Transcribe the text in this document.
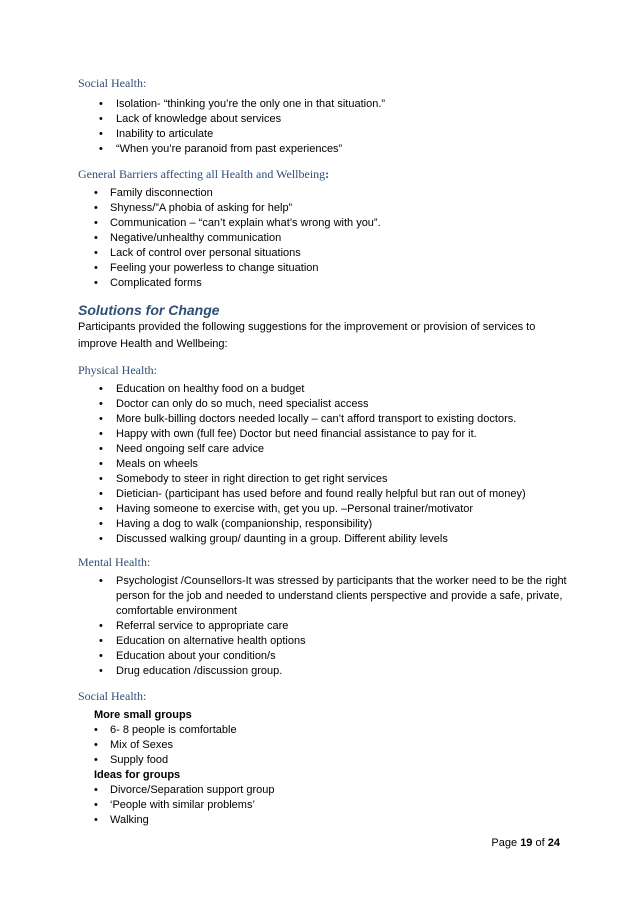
Social Health:

• Isolation- “thinking you’re the only one in that situation.”
• Lack of knowledge about services
• Inability to articulate
• “When you’re paranoid from past experiences”

General Barriers affecting all Health and Wellbeing:

• Family disconnection
• Shyness/”A phobia of asking for help”
• Communication – “can’t explain what’s wrong with you”.
• Negative/unhealthy communication
• Lack of control over personal situations
• Feeling your powerless to change situation
• Complicated forms

Solutions for Change

Participants provided the following suggestions for the improvement or provision of services to improve Health and Wellbeing:

Physical Health:

• Education on healthy food on a budget
• Doctor can only do so much, need specialist access
• More bulk-billing doctors needed locally – can’t afford transport to existing doctors.
• Happy with own (full fee) Doctor but need financial assistance to pay for it.
• Need ongoing self care advice
• Meals on wheels
• Somebody to steer in right direction to get right services
• Dietician- (participant has used before and found really helpful but ran out of money)
• Having someone to exercise with, get you up. –Personal trainer/motivator
• Having a dog to walk (companionship, responsibility)
• Discussed walking group/ daunting in a group. Different ability levels

Mental Health:

• Psychologist /Counsellors-It was stressed by participants that the worker need to be the right person for the job and needed to understand clients perspective and provide a safe, private, comfortable environment
• Referral service to appropriate care
• Education on alternative health options
• Education about your condition/s
• Drug education /discussion group.

Social Health:

More small groups

• 6- 8 people is comfortable
• Mix of Sexes
• Supply food

Ideas for groups

• Divorce/Separation support group
• ‘People with similar problems’
• Walking
Page 19 of 24
